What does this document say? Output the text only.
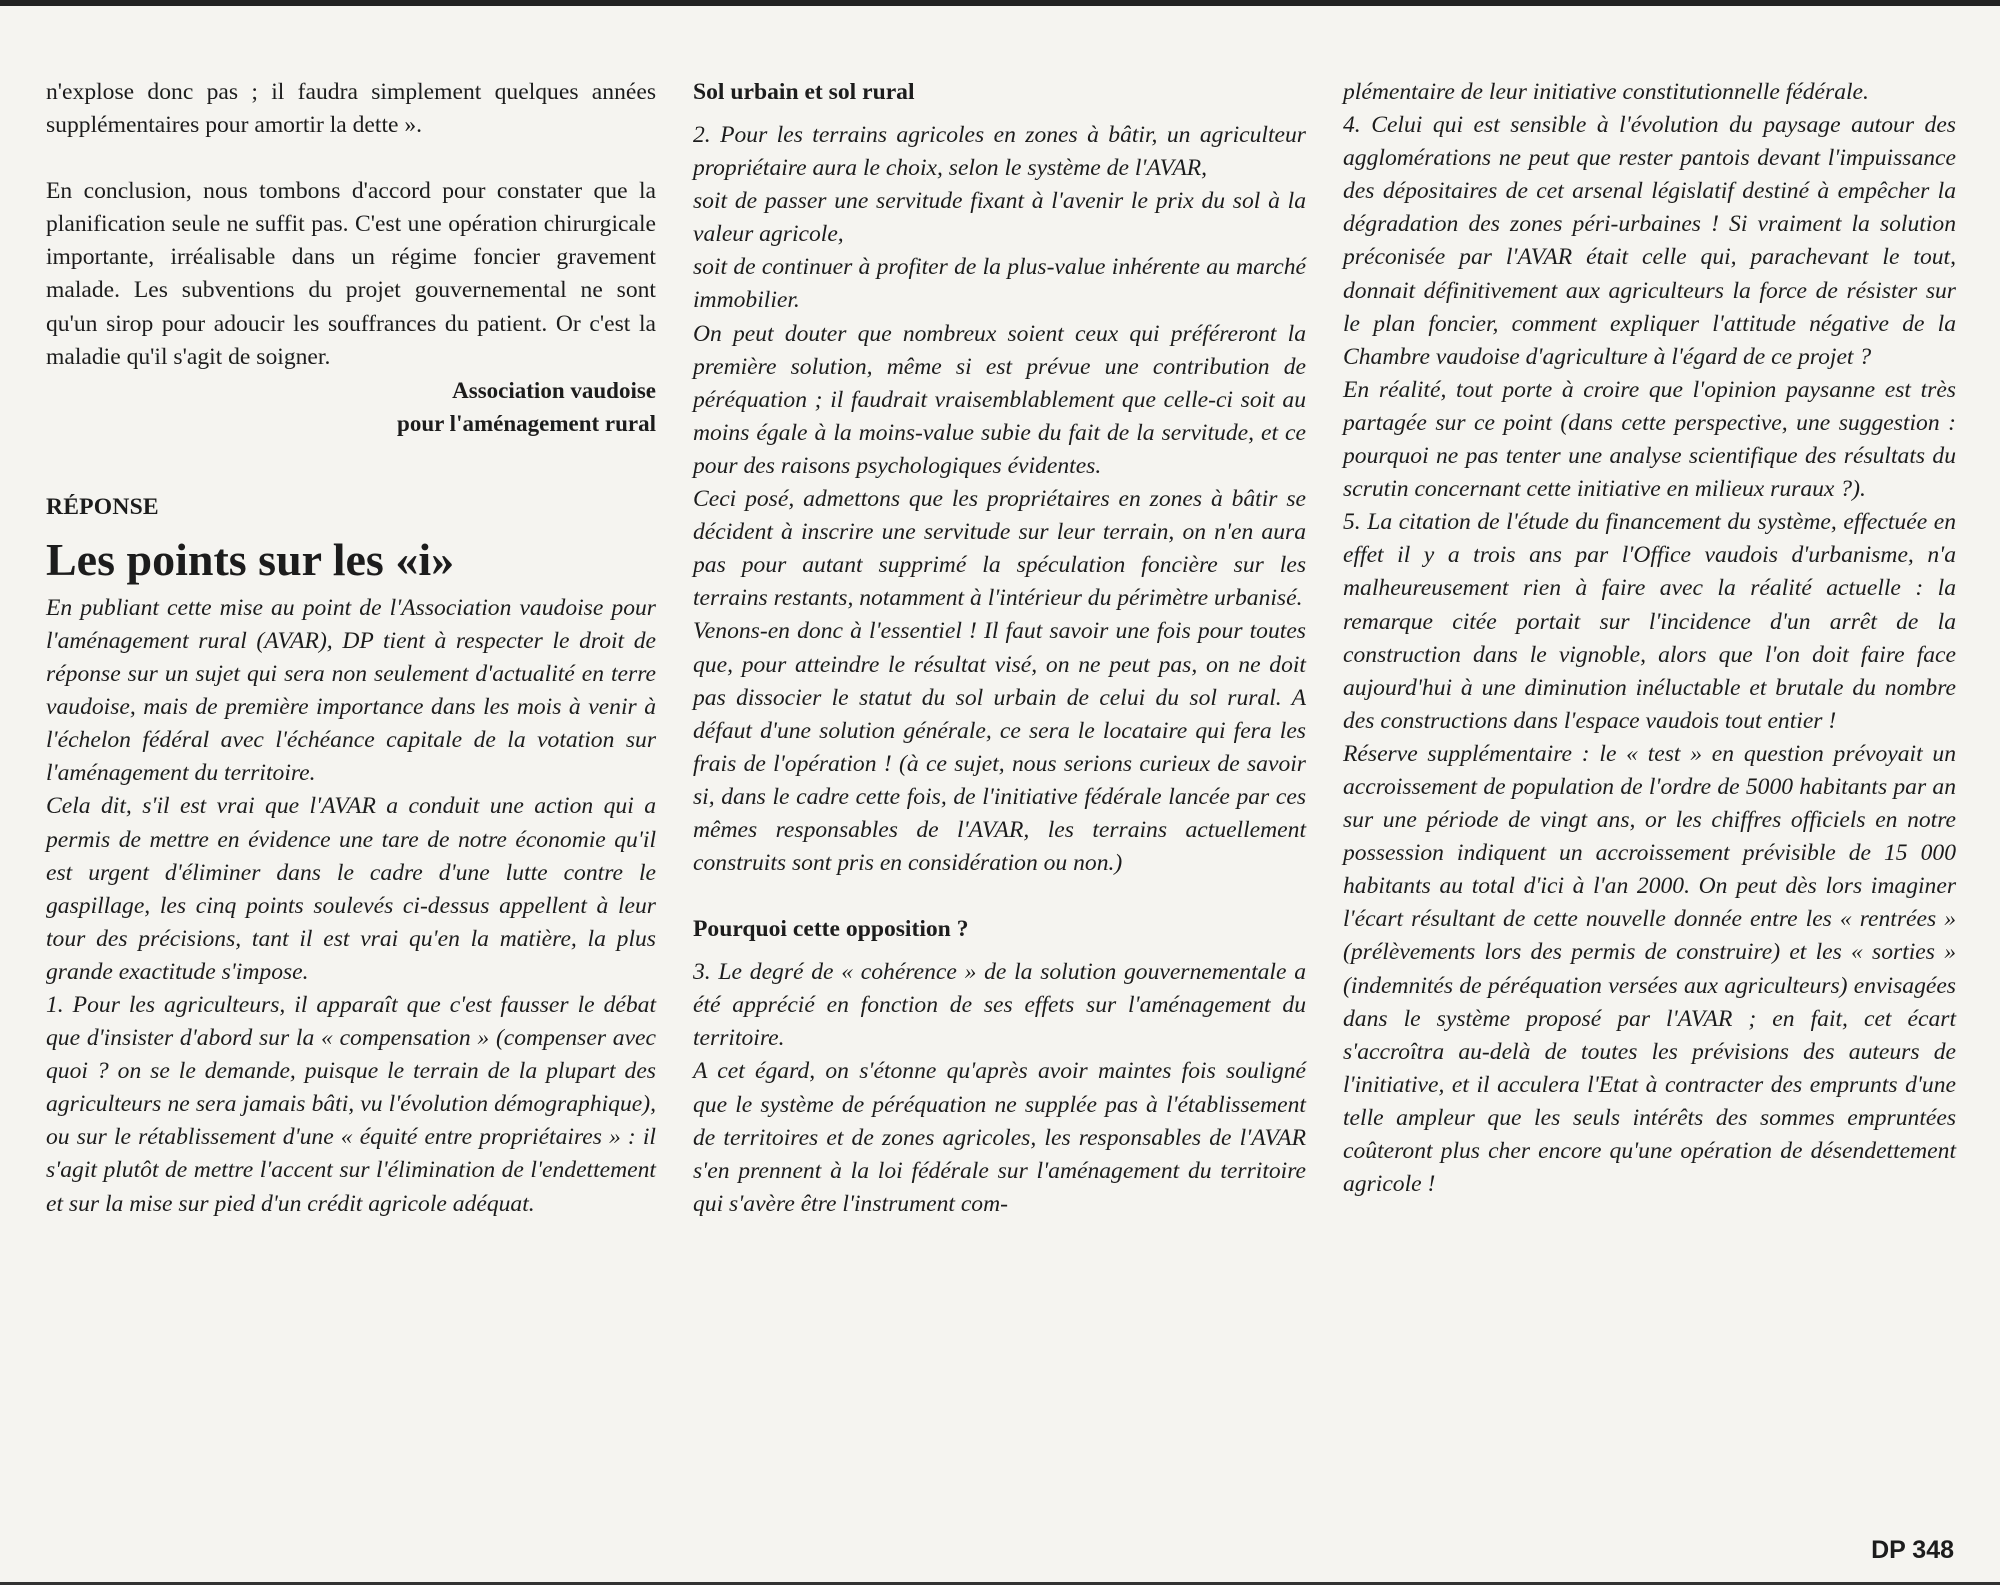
n'explose donc pas ; il faudra simplement quelques années supplémentaires pour amortir la dette ».

En conclusion, nous tombons d'accord pour constater que la planification seule ne suffit pas. C'est une opération chirurgicale importante, irréalisable dans un régime foncier gravement malade. Les subventions du projet gouvernemental ne sont qu'un sirop pour adoucir les souffrances du patient. Or c'est la maladie qu'il s'agit de soigner.

Association vaudoise
pour l'aménagement rural
RÉPONSE
Les points sur les «i»

En publiant cette mise au point de l'Association vaudoise pour l'aménagement rural (AVAR), DP tient à respecter le droit de réponse sur un sujet qui sera non seulement d'actualité en terre vaudoise, mais de première importance dans les mois à venir à l'échelon fédéral avec l'échéance capitale de la votation sur l'aménagement du territoire.

Cela dit, s'il est vrai que l'AVAR a conduit une action qui a permis de mettre en évidence une tare de notre économie qu'il est urgent d'éliminer dans le cadre d'une lutte contre le gaspillage, les cinq points soulevés ci-dessus appellent à leur tour des précisions, tant il est vrai qu'en la matière, la plus grande exactitude s'impose.

1. Pour les agriculteurs, il apparaît que c'est fausser le débat que d'insister d'abord sur la « compensation » (compenser avec quoi ? on se le demande, puisque le terrain de la plupart des agriculteurs ne sera jamais bâti, vu l'évolution démographique), ou sur le rétablissement d'une « équité entre propriétaires » : il s'agit plutôt de mettre l'accent sur l'élimination de l'endettement et sur la mise sur pied d'un crédit agricole adéquat.

Sol urbain et sol rural

2. Pour les terrains agricoles en zones à bâtir, un agriculteur propriétaire aura le choix, selon le système de l'AVAR,

soit de passer une servitude fixant à l'avenir le prix du sol à la valeur agricole,

soit de continuer à profiter de la plus-value inhérente au marché immobilier.

On peut douter que nombreux soient ceux qui préféreront la première solution, même si est prévue une contribution de péréquation ; il faudrait vraisemblablement que celle-ci soit au moins égale à la moins-value subie du fait de la servitude, et ce pour des raisons psychologiques évidentes.

Ceci posé, admettons que les propriétaires en zones à bâtir se décident à inscrire une servitude sur leur terrain, on n'en aura pas pour autant supprimé la spéculation foncière sur les terrains restants, notamment à l'intérieur du périmètre urbanisé.

Venons-en donc à l'essentiel ! Il faut savoir une fois pour toutes que, pour atteindre le résultat visé, on ne peut pas, on ne doit pas dissocier le statut du sol urbain de celui du sol rural. A défaut d'une solution générale, ce sera le locataire qui fera les frais de l'opération ! (à ce sujet, nous serions curieux de savoir si, dans le cadre cette fois, de l'initiative fédérale lancée par ces mêmes responsables de l'AVAR, les terrains actuellement construits sont pris en considération ou non.)

Pourquoi cette opposition ?

3. Le degré de « cohérence » de la solution gouvernementale a été apprécié en fonction de ses effets sur l'aménagement du territoire.

A cet égard, on s'étonne qu'après avoir maintes fois souligné que le système de péréquation ne supplée pas à l'établissement de territoires et de zones agricoles, les responsables de l'AVAR s'en prennent à la loi fédérale sur l'aménagement du territoire qui s'avère être l'instrument com-

plémentaire de leur initiative constitutionnelle fédérale.

4. Celui qui est sensible à l'évolution du paysage autour des agglomérations ne peut que rester pantois devant l'impuissance des dépositaires de cet arsenal législatif destiné à empêcher la dégradation des zones péri-urbaines ! Si vraiment la solution préconisée par l'AVAR était celle qui, parachevant le tout, donnait définitivement aux agriculteurs la force de résister sur le plan foncier, comment expliquer l'attitude négative de la Chambre vaudoise d'agriculture à l'égard de ce projet ?

En réalité, tout porte à croire que l'opinion paysanne est très partagée sur ce point (dans cette perspective, une suggestion : pourquoi ne pas tenter une analyse scientifique des résultats du scrutin concernant cette initiative en milieux ruraux ?).

5. La citation de l'étude du financement du système, effectuée en effet il y a trois ans par l'Office vaudois d'urbanisme, n'a malheureusement rien à faire avec la réalité actuelle : la remarque citée portait sur l'incidence d'un arrêt de la construction dans le vignoble, alors que l'on doit faire face aujourd'hui à une diminution inéluctable et brutale du nombre des constructions dans l'espace vaudois tout entier !

Réserve supplémentaire : le « test » en question prévoyait un accroissement de population de l'ordre de 5000 habitants par an sur une période de vingt ans, or les chiffres officiels en notre possession indiquent un accroissement prévisible de 15 000 habitants au total d'ici à l'an 2000. On peut dès lors imaginer l'écart résultant de cette nouvelle donnée entre les « rentrées » (prélèvements lors des permis de construire) et les « sorties » (indemnités de péréquation versées aux agriculteurs) envisagées dans le système proposé par l'AVAR ; en fait, cet écart s'accroîtra au-delà de toutes les prévisions des auteurs de l'initiative, et il acculera l'Etat à contracter des emprunts d'une telle ampleur que les seuls intérêts des sommes empruntées coûteront plus cher encore qu'une opération de désendettement agricole !

DP 348
